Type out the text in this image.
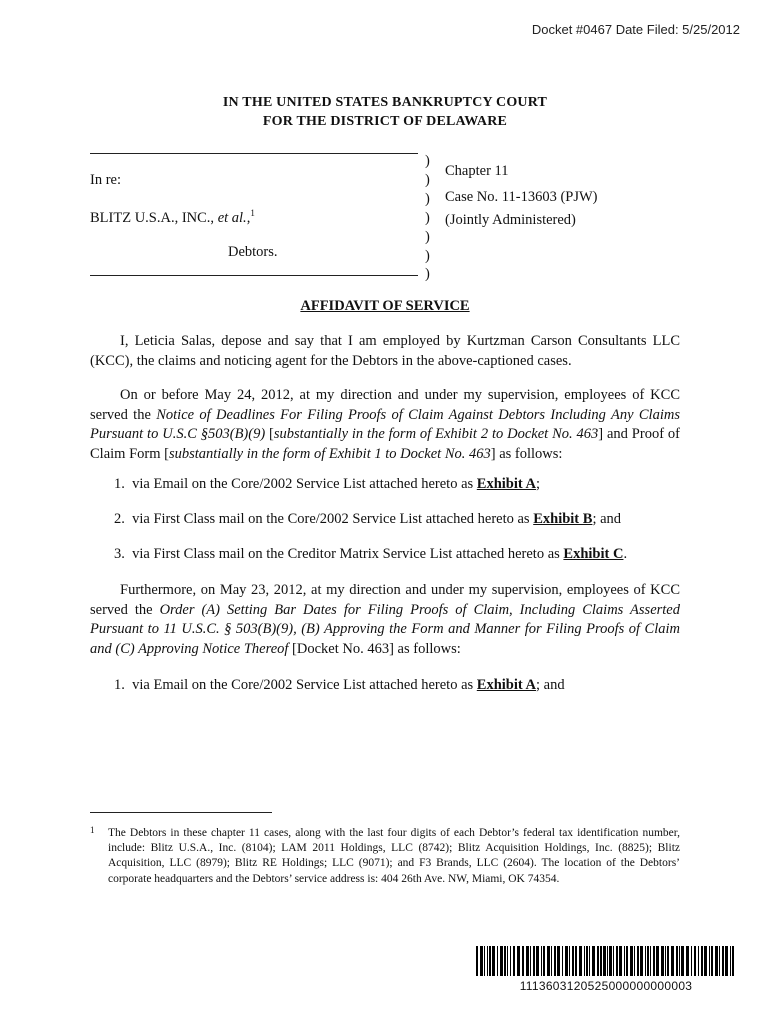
Docket #0467 Date Filed: 5/25/2012
IN THE UNITED STATES BANKRUPTCY COURT
FOR THE DISTRICT OF DELAWARE
In re:
BLITZ U.S.A., INC., et al.,$^1$
Debtors.
)
)
)
)
)
)
)
Chapter 11
Case No. 11-13603 (PJW)
(Jointly Administered)
AFFIDAVIT OF SERVICE
I, Leticia Salas, depose and say that I am employed by Kurtzman Carson Consultants LLC (KCC), the claims and noticing agent for the Debtors in the above-captioned cases.
On or before May 24, 2012, at my direction and under my supervision, employees of KCC served the Notice of Deadlines For Filing Proofs of Claim Against Debtors Including Any Claims Pursuant to U.S.C §503(B)(9) [substantially in the form of Exhibit 2 to Docket No. 463] and Proof of Claim Form [substantially in the form of Exhibit 1 to Docket No. 463] as follows:
1. via Email on the Core/2002 Service List attached hereto as Exhibit A;
2. via First Class mail on the Core/2002 Service List attached hereto as Exhibit B; and
3. via First Class mail on the Creditor Matrix Service List attached hereto as Exhibit C.
Furthermore, on May 23, 2012, at my direction and under my supervision, employees of KCC served the Order (A) Setting Bar Dates for Filing Proofs of Claim, Including Claims Asserted Pursuant to 11 U.S.C. § 503(B)(9), (B) Approving the Form and Manner for Filing Proofs of Claim and (C) Approving Notice Thereof [Docket No. 463] as follows:
1. via Email on the Core/2002 Service List attached hereto as Exhibit A; and
1	The Debtors in these chapter 11 cases, along with the last four digits of each Debtor’s federal tax identification number, include: Blitz U.S.A., Inc. (8104); LAM 2011 Holdings, LLC (8742); Blitz Acquisition Holdings, Inc. (8825); Blitz Acquisition, LLC (8979); Blitz RE Holdings; LLC (9071); and F3 Brands, LLC (2604). The location of the Debtors’ corporate headquarters and the Debtors’ service address is: 404 26th Ave. NW, Miami, OK 74354.
1113603120525000000000003
